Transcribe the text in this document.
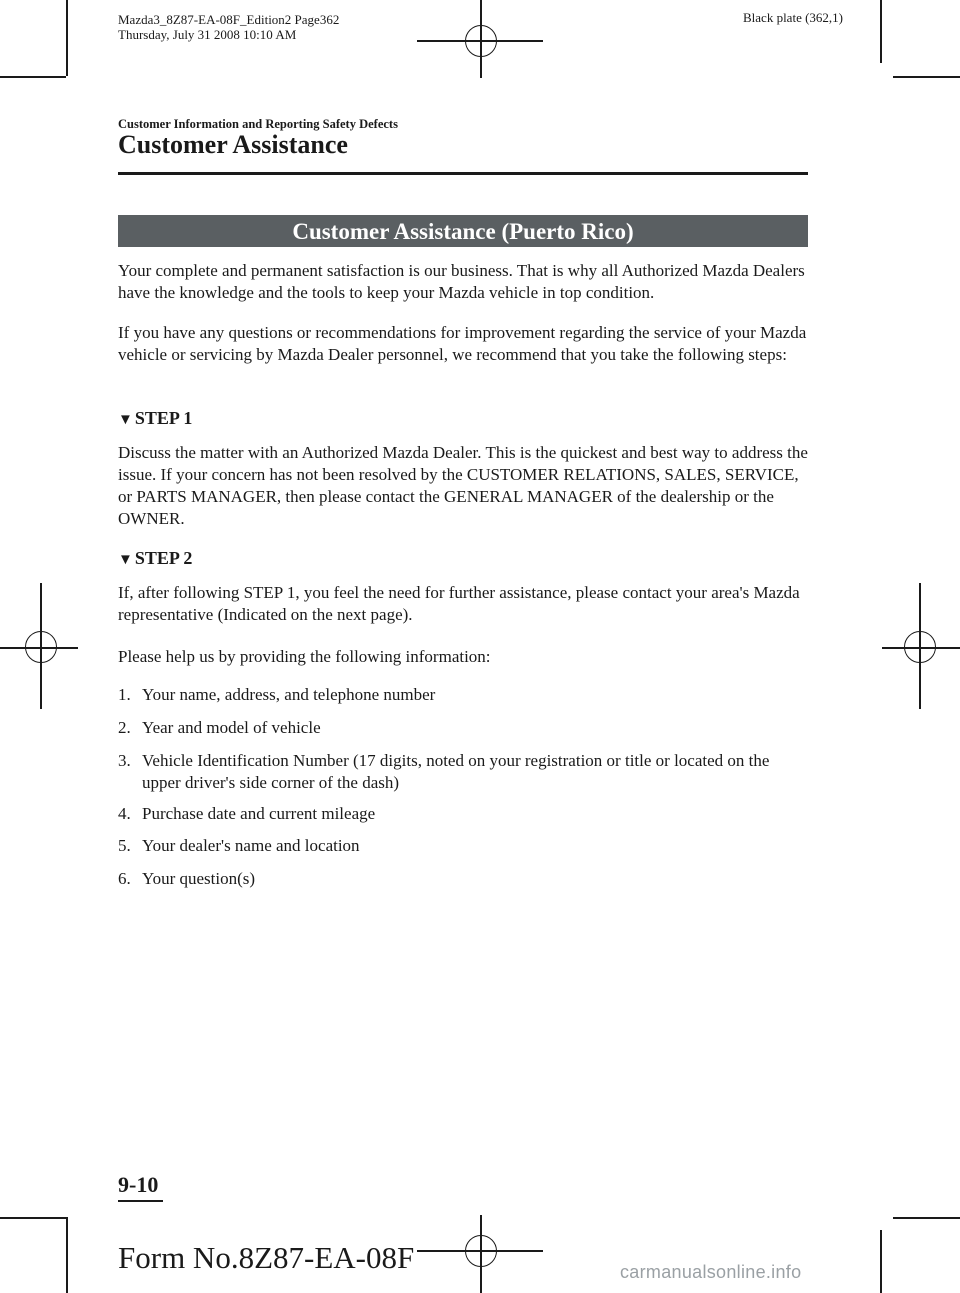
Mazda3_8Z87-EA-08F_Edition2 Page362
Thursday, July 31 2008 10:10 AM
Black plate (362,1)
Customer Information and Reporting Safety Defects
Customer Assistance
Customer Assistance (Puerto Rico)
Your complete and permanent satisfaction is our business. That is why all Authorized Mazda Dealers have the knowledge and the tools to keep your Mazda vehicle in top condition.
If you have any questions or recommendations for improvement regarding the service of your Mazda vehicle or servicing by Mazda Dealer personnel, we recommend that you take the following steps:
▼ STEP 1
Discuss the matter with an Authorized Mazda Dealer. This is the quickest and best way to address the issue. If your concern has not been resolved by the CUSTOMER RELATIONS, SALES, SERVICE, or PARTS MANAGER, then please contact the GENERAL MANAGER of the dealership or the OWNER.
▼ STEP 2
If, after following STEP 1, you feel the need for further assistance, please contact your area's Mazda representative (Indicated on the next page).
Please help us by providing the following information:
1. Your name, address, and telephone number
2. Year and model of vehicle
3. Vehicle Identification Number (17 digits, noted on your registration or title or located on the upper driver's side corner of the dash)
4. Purchase date and current mileage
5. Your dealer's name and location
6. Your question(s)
9-10
Form No.8Z87-EA-08F	carmanualsonline.info
